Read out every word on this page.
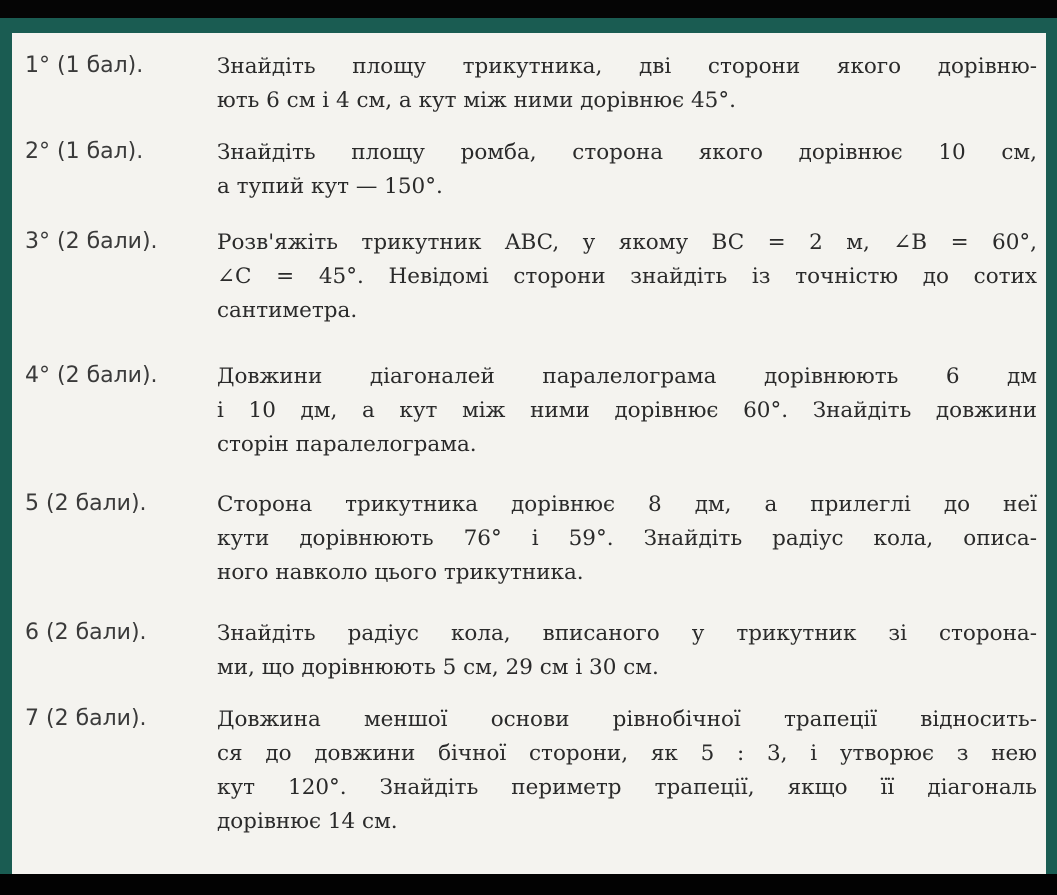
1° (1 бал).	Знайдіть площу трикутника, дві сторони якого дорівню-
ють 6 см і 4 см, а кут між ними дорівнює 45°.
2° (1 бал).	Знайдіть площу ромба, сторона якого дорівнює 10 см,
а тупий кут — 150°.
3° (2 бали).	Розв'яжіть трикутник ABC, у якому BC = 2 м, ∠B = 60°,
∠C = 45°. Невідомі сторони знайдіть із точністю до сотих
сантиметра.
4° (2 бали).	Довжини діагоналей паралелограма дорівнюють 6 дм
і 10 дм, а кут між ними дорівнює 60°. Знайдіть довжини
сторін паралелограма.
5 (2 бали).	Сторона трикутника дорівнює 8 дм, а прилеглі до неї
кути дорівнюють 76° і 59°. Знайдіть радіус кола, описа-
ного навколо цього трикутника.
6 (2 бали).	Знайдіть радіус кола, вписаного у трикутник зі сторона-
ми, що дорівнюють 5 см, 29 см і 30 см.
7 (2 бали).	Довжина меншої основи рівнобічної трапеції відносить-
ся до довжини бічної сторони, як 5 : 3, і утворює з нею
кут 120°. Знайдіть периметр трапеції, якщо її діагональ
дорівнює 14 см.
